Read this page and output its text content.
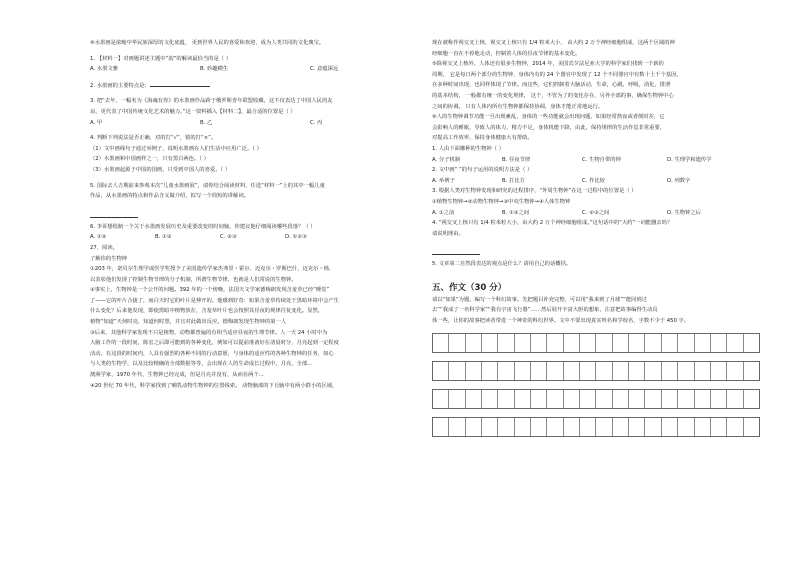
⑥水墨画是浓缩中华民族深厚的文化底蕴， 更到世界人民的喜爱和欢迎，成为人类共同的文化瑰宝。
1. 【材料一】对画题讲述主题中“韵”的解读最恰当的是（ ）
A. 水墨文雅	B. 妙趣横生	C. 意蕴深远
2. 水墨画的主要特点是：
3. 把“去年，一幅名为《海魂有你》的水墨画作品跨于俄罗斯青年联盟收藏，这不仅表达了中国人民的友
谊，更代表了中国传统文化艺术的魅力。”这一资料插入【材料二】，最合适的位置是（ ）
A. 甲	B. 乙	C. 丙
4. 判断下列说法是否正确，对的打“√”，错的打“×”。
（1）文中画线句子通过举例子，说明水墨画在人们生活中应用广泛。（ ）
（2）水墨画和中国画样之一，只有黑白两色。（ ）
（3）水墨画起源于中国的国画，只受到中国人的喜爱。（ ）
5. 国际去人吉期前来参观本次“儿童水墨画展”，请你结合阅读材料，任选“材料一”上的其中一幅儿童
作品，从水墨画的特点和作品含义做介绍，拟写一个简短的讲解词。
6. 李哥想绘制一个关于水墨画发展历史及重要改变的时间轴，你建议他仔细阅读哪些段落？（ ）
A. ①②	B. ①③	C. ②③	D. ①②③
27、阅读。
了解你的生物钟
①203 年，诺贝尔生理学或医学奖授予了美国遗传学家杰弗里・霍尔、迈克尔・罗斯巴什、迈克尔・杨，
以表彰他们发现了控制生物节律的分子机制，所谓生物节律，也就是人们常说的生物钟。
②事实上，生物钟是一个公开的问题。392 年的一个傍晚，法国天文学家德梅朗发现含羞草已经“睡觉”
了——它的叶片合拢了，而白天时它的叶片是伸开的。他感到好奇：如果含羞草持续处于黑暗环境中会产生
什么变化？后来他发现，即使黑暗中植物放在，含羞草叶片也会按照其昼夜的规律往复变化。显然，
植物“知道”天何时亮，知道何时黑，并且对此做出反应。德梅朗发现生物钟的第一人
③后来，其他科学家发现不只是植物，动物都普遍的有相当适应昼夜的生理节律。人一天 24 小时中为
大脑工作的一段时间，陈宏之后即可能到的各种变化，例如可以提前准备好在清晨时分，月亮起到一定程度
活动。在这段的时间内，人具有强烈的各种不同的行动意愿，与身体的适应性的各种生物钟的任务，如心
与人类的生物学，以及比较精确的全部数据等等，会出现在人的生命成长过程中，月亮，全部...
澳洲学家，1970 年代，生物钟已经完成，但是月亮并没有，从而在两个...
④20 世纪 70 年代，科学家找到了哺乳动物生物钟的位置线索。 动物脑部的下丘脑中有两小群小的区域，
现在被称作视交叉上核，视交叉上核只有 1/4 粒米大小， 由大约 2 万个神经细胞组成，这两个区域的神
经细胞一直在不停地走动，控制着人体的昼夜节律的基本变化。
⑤除视交叉上核外，人体还有很多生物钟，2014 年，美国宾夕法尼亚大学的科学家们找到一个新的
周期， 它是每日两个部分的生物钟，身体内有的 24 个器官中发现了 12 个不同器官中有数十上千个基因，
在多种时间出现，也同样体现了节律。而这些，它们控制着大脑活动，生命，心跳，呼吸，消化，排泄
的基本结构， 一般都有统一的变化规律， 这个，不管为了的变化存在，另外全部的事，确保生物钟中心
之间的协调。 只有人体内所有生物钟都保持协调，身体才能正常地运行。
⑥人的生物钟调节功能一旦出现紊乱，身体的一些功能就会出现问题，如果经常熬夜或者倒时差，它
会影响人的睡眠，导致人的体力、精力不足，身体机能下降，由此，保持规律的生活作息非常重要，
对提高工作效率，保持身体健康大有帮助。
1. 人由下面哪种的生物钟（ ）
A. 分子机制	B. 昼夜节律	C. 生物自带的钟	D. 生理学和遗传学
2. 文中画“ ”的句子运用的说明方法是（ ）
A. 举例子	B. 打比方	C. 作比较	D. 列数字
3. 根据人类对生物钟发现和研究的过程排序，“外周生物钟”在这一过程中的位置是（ ）
①植物生物钟→②动物生物钟→③中央生物钟→④人体生物钟
A. ①之前	B. ①②之间	C. ②③之间	D. 生物钟之后
4. “视交叉上核只有 1/4 粒米粒大小，由大约 2 万个神经细胞组成。”这句话中的“大约”一词能删去吗？
请说明理由。
5. 文章第二自然段表达的观点是什么？请用自己的话概括。
五、作文（30 分）
请以“如果”为题，编写一个科幻故事。先把题目补充完整，可以用“我来到了月球”“能回到过
去”“我成了一名科学家”“我有宇宙飞行器”……然后展开丰富大胆的想象，注意把故事编得生动具
体一些，让你的故事把读者带进一个神奇的科幻世界。文中不要出现真实姓名和学校名，字数不少于 450 字。
